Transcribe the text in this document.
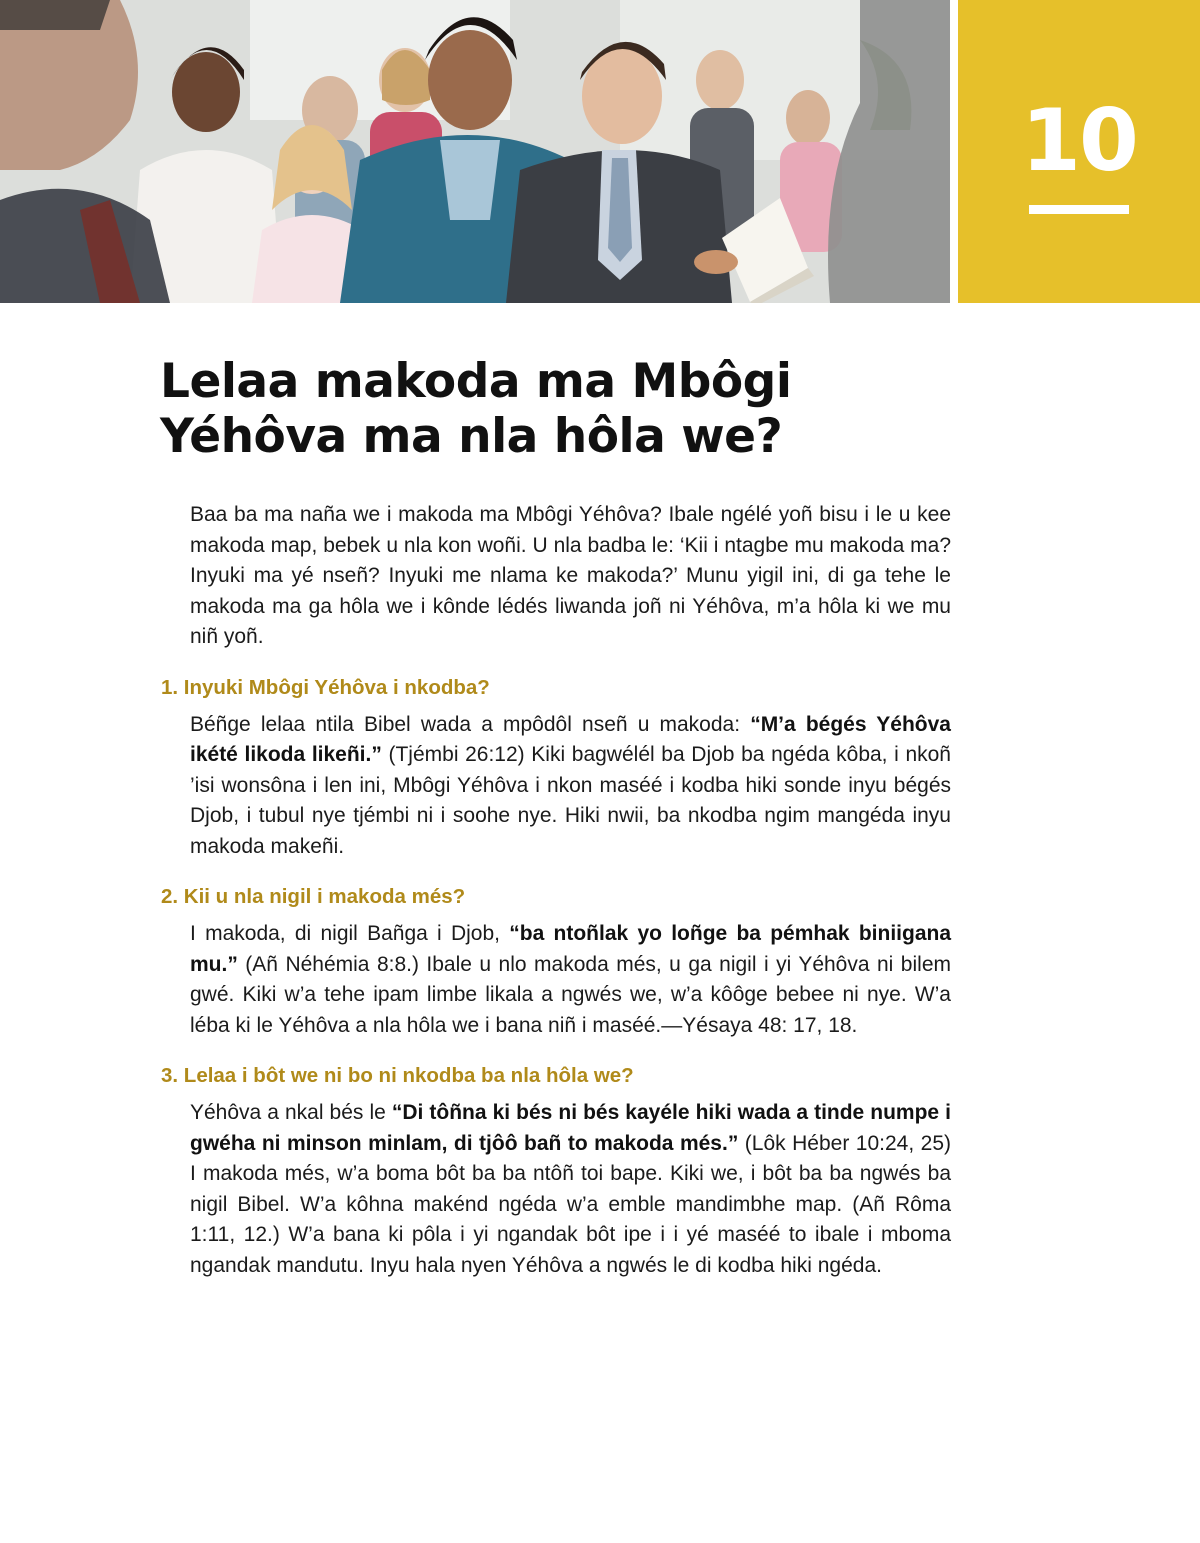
10
Lelaa makoda ma Mbôgi
Yéhôva ma nla hôla we?

Baa ba ma naña we i makoda ma Mbôgi Yéhôva? Ibale ngélé yoñ bisu i le u kee makoda map, bebek u nla kon woñi. U nla badba le: ‘Kii i ntagbe mu makoda ma? Inyuki ma yé nseñ? Inyuki me nlama ke makoda?’ Munu yigil ini, di ga tehe le makoda ma ga hôla we i kônde lédés liwanda joñ ni Yéhôva, m’a hôla ki we mu niñ yoñ.

1. Inyuki Mbôgi Yéhôva i nkodba?

Béñge lelaa ntila Bibel wada a mpôdôl nseñ u makoda: “M’a bégés Yéhôva ikété likoda likeñi.” (Tjémbi 26:12) Kiki bagwélél ba Djob ba ngéda kôba, i nkoñ ’isi wonsôna i len ini, Mbôgi Yéhôva i nkon maséé i kodba hiki sonde inyu bégés Djob, i tubul nye tjémbi ni i soohe nye. Hiki nwii, ba nkodba ngim mangéda inyu makoda makeñi.

2. Kii u nla nigil i makoda més?

I makoda, di nigil Bañga i Djob, “ba ntoñlak yo loñge ba pémhak biniigana mu.” (Añ Néhémia 8:8.) Ibale u nlo makoda més, u ga nigil i yi Yéhôva ni bilem gwé. Kiki w’a tehe ipam limbe likala a ngwés we, w’a kôôge bebee ni nye. W’a léba ki le Yéhôva a nla hôla we i bana niñ i maséé.—Yésaya 48: 17, 18.

3. Lelaa i bôt we ni bo ni nkodba ba nla hôla we?

Yéhôva a nkal bés le “Di tôñna ki bés ni bés kayéle hiki wada a tinde numpe i gwéha ni minson minlam, di tjôô bañ to makoda més.” (Lôk Héber 10:24, 25) I makoda més, w’a boma bôt ba ba ntôñ toi bape. Kiki we, i bôt ba ba ngwés ba nigil Bibel. W’a kôhna makénd ngéda w’a emble mandimbhe map. (Añ Rôma 1:11, 12.) W’a bana ki pôla i yi ngandak bôt ipe i i yé maséé to ibale i mboma ngandak mandutu. Inyu hala nyen Yéhôva a ngwés le di kodba hiki ngéda.
